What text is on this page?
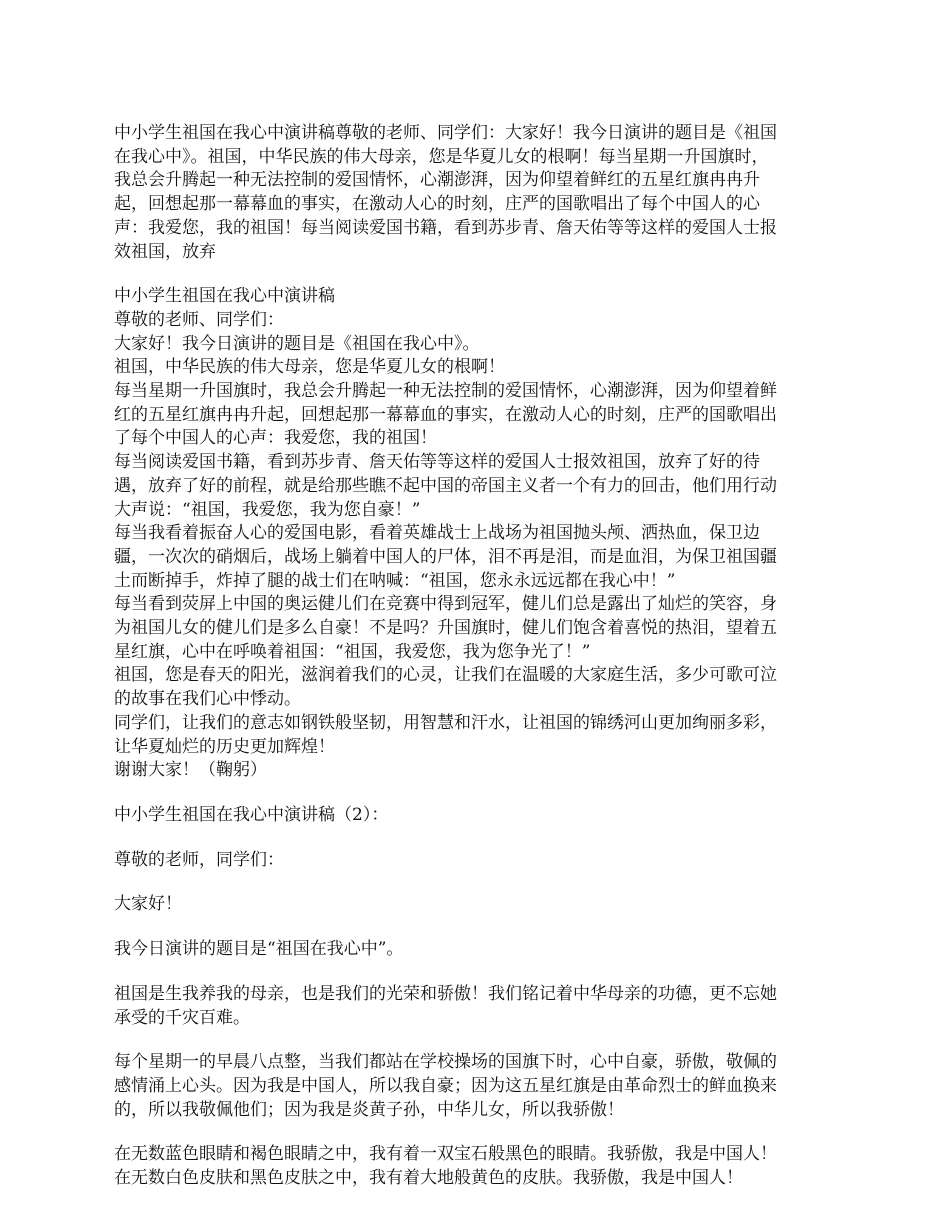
中小学生祖国在我心中演讲稿尊敬的老师、同学们：大家好！我今日演讲的题目是《祖国
在我心中》。祖国，中华民族的伟大母亲，您是华夏儿女的根啊！每当星期一升国旗时，
我总会升腾起一种无法控制的爱国情怀，心潮澎湃，因为仰望着鲜红的五星红旗冉冉升
起，回想起那一幕幕血的事实，在激动人心的时刻，庄严的国歌唱出了每个中国人的心
声：我爱您，我的祖国！每当阅读爱国书籍，看到苏步青、詹天佑等等这样的爱国人士报
效祖国，放弃

中小学生祖国在我心中演讲稿
尊敬的老师、同学们：
大家好！我今日演讲的题目是《祖国在我心中》。
祖国，中华民族的伟大母亲，您是华夏儿女的根啊！
每当星期一升国旗时，我总会升腾起一种无法控制的爱国情怀，心潮澎湃，因为仰望着鲜
红的五星红旗冉冉升起，回想起那一幕幕血的事实，在激动人心的时刻，庄严的国歌唱出
了每个中国人的心声：我爱您，我的祖国！
每当阅读爱国书籍，看到苏步青、詹天佑等等这样的爱国人士报效祖国，放弃了好的待
遇，放弃了好的前程，就是给那些瞧不起中国的帝国主义者一个有力的回击，他们用行动
大声说：“祖国，我爱您，我为您自豪！”
每当我看着振奋人心的爱国电影，看着英雄战士上战场为祖国抛头颅、洒热血，保卫边
疆，一次次的硝烟后，战场上躺着中国人的尸体，泪不再是泪，而是血泪，为保卫祖国疆
土而断掉手，炸掉了腿的战士们在呐喊：“祖国，您永永远远都在我心中！”
每当看到荧屏上中国的奥运健儿们在竞赛中得到冠军，健儿们总是露出了灿烂的笑容，身
为祖国儿女的健儿们是多么自豪！不是吗？升国旗时，健儿们饱含着喜悦的热泪，望着五
星红旗，心中在呼唤着祖国：“祖国，我爱您，我为您争光了！”
祖国，您是春天的阳光，滋润着我们的心灵，让我们在温暖的大家庭生活，多少可歌可泣
的故事在我们心中悸动。
同学们，让我们的意志如钢铁般坚韧，用智慧和汗水，让祖国的锦绣河山更加绚丽多彩，
让华夏灿烂的历史更加辉煌！
谢谢大家！（鞠躬）

中小学生祖国在我心中演讲稿（2）：

尊敬的老师，同学们：

大家好！

我今日演讲的题目是“祖国在我心中”。

祖国是生我养我的母亲，也是我们的光荣和骄傲！我们铭记着中华母亲的功德，更不忘她
承受的千灾百难。

每个星期一的早晨八点整，当我们都站在学校操场的国旗下时，心中自豪，骄傲，敬佩的
感情涌上心头。因为我是中国人，所以我自豪；因为这五星红旗是由革命烈士的鲜血换来
的，所以我敬佩他们；因为我是炎黄子孙，中华儿女，所以我骄傲！

在无数蓝色眼睛和褐色眼睛之中，我有着一双宝石般黑色的眼睛。我骄傲，我是中国人！
在无数白色皮肤和黑色皮肤之中，我有着大地般黄色的皮肤。我骄傲，我是中国人！
